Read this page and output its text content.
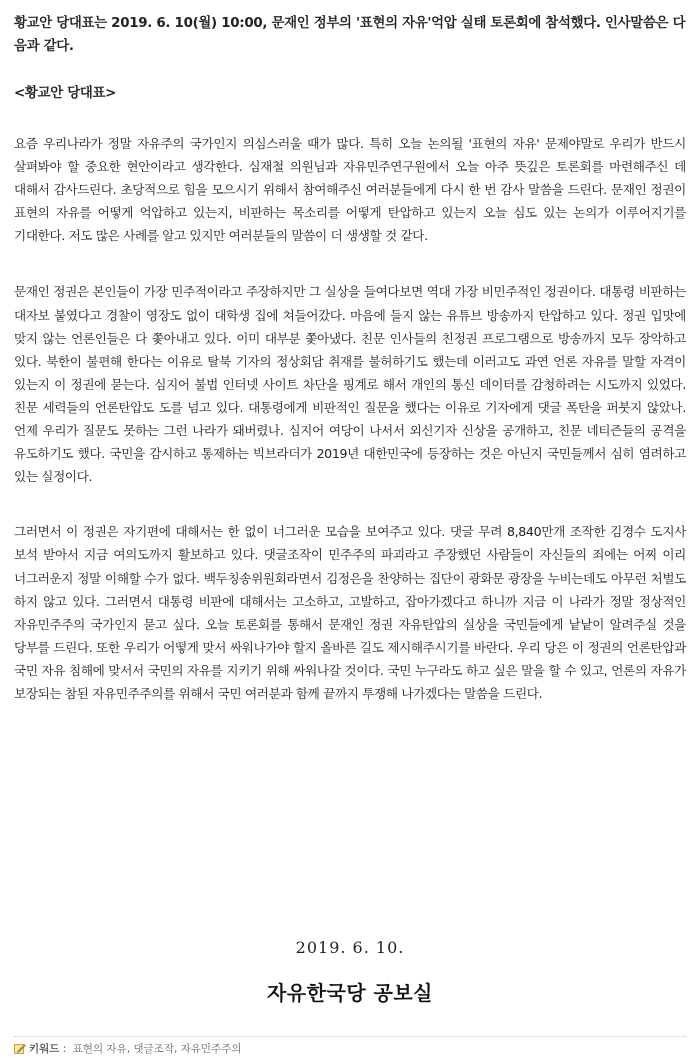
황교안 당대표는 2019. 6. 10(월) 10:00, 문재인 정부의 '표현의 자유'억압 실태 토론회에 참석했다. 인사말씀은 다음과 같다.

<황교안 당대표>

요즘 우리나라가 정말 자유주의 국가인지 의심스러울 때가 많다. 특히 오늘 논의될 '표현의 자유' 문제야말로 우리가 반드시 살펴봐야 할 중요한 현안이라고 생각한다. 심재철 의원님과 자유민주연구원에서 오늘 아주 뜻깊은 토론회를 마련해주신 데 대해서 감사드린다. 초당적으로 힘을 모으시기 위해서 참여해주신 여러분들에게 다시 한 번 감사 말씀을 드린다. 문재인 정권이 표현의 자유를 어떻게 억압하고 있는지, 비판하는 목소리를 어떻게 탄압하고 있는지 오늘 심도 있는 논의가 이루어지기를 기대한다. 저도 많은 사례를 알고 있지만 여러분들의 말씀이 더 생생할 것 같다.

문재인 정권은 본인들이 가장 민주적이라고 주장하지만 그 실상을 들여다보면 역대 가장 비민주적인 정권이다. 대통령 비판하는 대자보 붙였다고 경찰이 영장도 없이 대학생 집에 쳐들어갔다. 마음에 들지 않는 유튜브 방송까지 탄압하고 있다. 정권 입맛에 맞지 않는 언론인들은 다 쫓아내고 있다. 이미 대부분 쫓아냈다. 친문 인사들의 친정권 프로그램으로 방송까지 모두 장악하고 있다. 북한이 불편해 한다는 이유로 탈북 기자의 정상회담 취재를 불허하기도 했는데 이러고도 과연 언론 자유를 말할 자격이 있는지 이 정권에 묻는다. 심지어 불법 인터넷 사이트 차단을 핑계로 해서 개인의 통신 데이터를 감청하려는 시도까지 있었다. 친문 세력들의 언론탄압도 도를 넘고 있다. 대통령에게 비판적인 질문을 했다는 이유로 기자에게 댓글 폭탄을 퍼붓지 않았나. 언제 우리가 질문도 못하는 그런 나라가 돼버렸나. 심지어 여당이 나서서 외신기자 신상을 공개하고, 친문 네티즌들의 공격을 유도하기도 했다. 국민을 감시하고 통제하는 빅브라더가 2019년 대한민국에 등장하는 것은 아닌지 국민들께서 심히 염려하고 있는 실정이다.

그러면서 이 정권은 자기편에 대해서는 한 없이 너그러운 모습을 보여주고 있다. 댓글 무려 8,840만개 조작한 김경수 도지사 보석 받아서 지금 여의도까지 활보하고 있다. 댓글조작이 민주주의 파괴라고 주장했던 사람들이 자신들의 죄에는 어찌 이리 너그러운지 정말 이해할 수가 없다. 백두칭송위원회라면서 김정은을 찬양하는 집단이 광화문 광장을 누비는데도 아무런 처벌도 하지 않고 있다. 그러면서 대통령 비판에 대해서는 고소하고, 고발하고, 잡아가겠다고 하니까 지금 이 나라가 정말 정상적인 자유민주주의 국가인지 묻고 싶다. 오늘 토론회를 통해서 문재인 정권 자유탄압의 실상을 국민들에게 낱낱이 알려주실 것을 당부를 드린다. 또한 우리가 어떻게 맞서 싸워나가야 할지 올바른 길도 제시해주시기를 바란다. 우리 당은 이 정권의 언론탄압과 국민 자유 침해에 맞서서 국민의 자유를 지키기 위해 싸워나갈 것이다. 국민 누구라도 하고 싶은 말을 할 수 있고, 언론의 자유가 보장되는 참된 자유민주주의를 위해서 국민 여러분과 함께 끝까지 투쟁해 나가겠다는 말씀을 드린다.

2019. 6. 10.
자유한국당 공보실
키워드 : 표현의 자유, 댓글조작, 자유민주주의
